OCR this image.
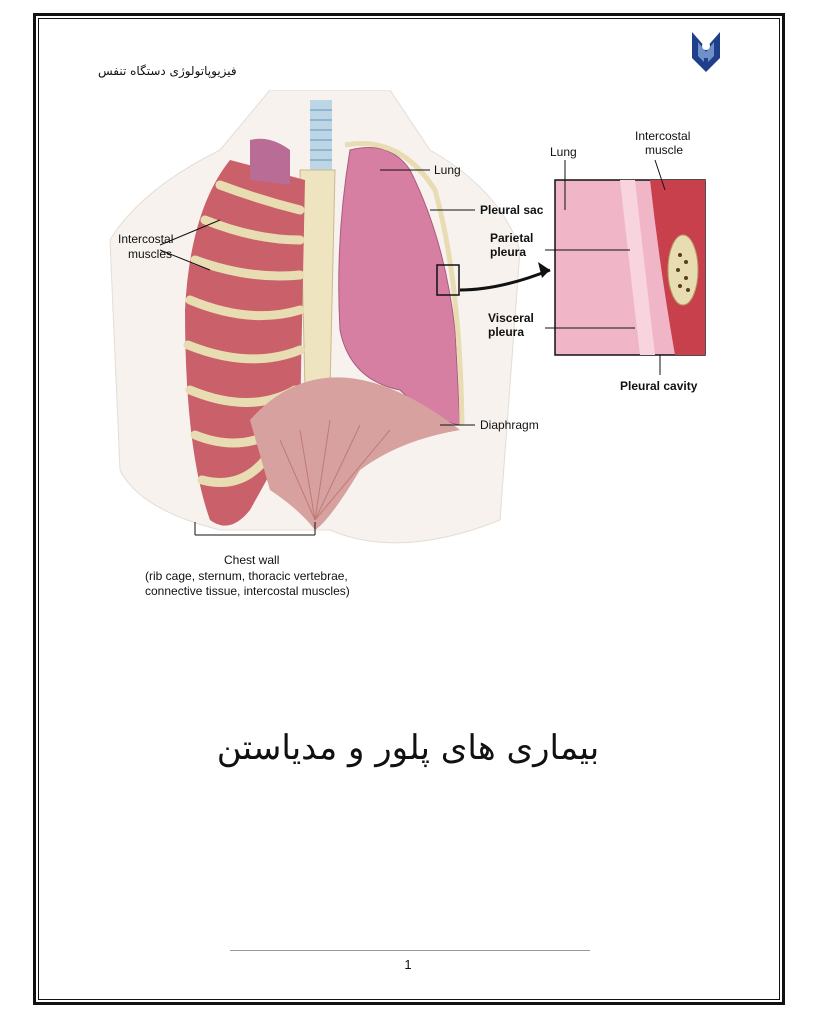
فیزیوپاتولوژی دستگاه تنفس
Intercostal
muscles
Lung
Pleural sac
Parietal
pleura
Visceral
pleura
Lung
Intercostal
muscle
Pleural cavity
Diaphragm
Chest wall
(rib cage, sternum, thoracic vertebrae,
connective tissue, intercostal muscles)
بیماری های پلور و مدیاستن
1
